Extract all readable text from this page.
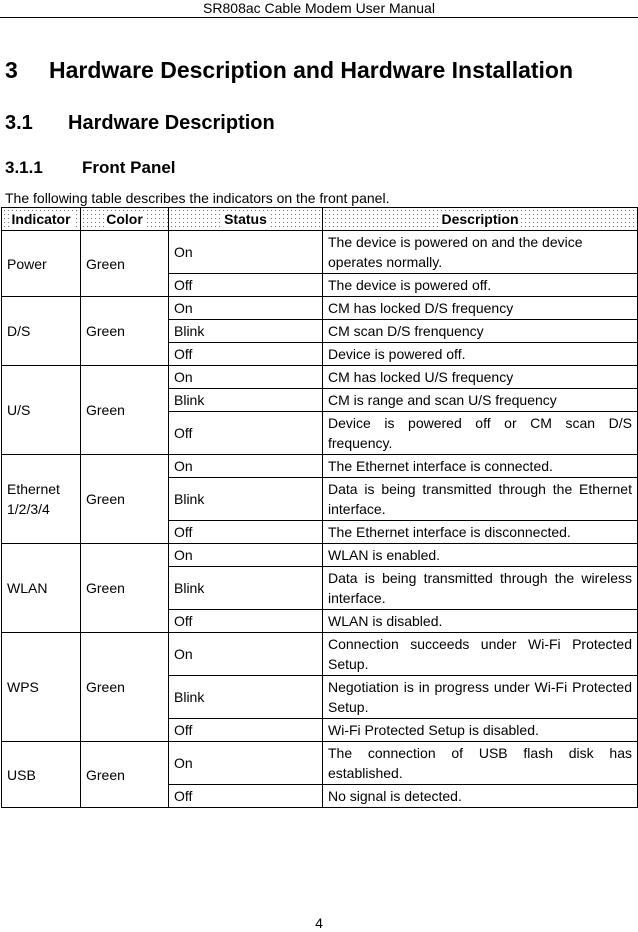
SR808ac Cable Modem User Manual
3 Hardware Description and Hardware Installation
3.1 Hardware Description
3.1.1 Front Panel
The following table describes the indicators on the front panel.
Indicator	Color	Status	Description
Power	Green	On	The device is powered on and the device operates normally.
		Off	The device is powered off.
D/S	Green	On	CM has locked D/S frequency
		Blink	CM scan D/S frenquency
		Off	Device is powered off.
U/S	Green	On	CM has locked U/S frequency
		Blink	CM is range and scan U/S frequency
		Off	Device is powered off or CM scan D/S frequency.
Ethernet 1/2/3/4	Green	On	The Ethernet interface is connected.
		Blink	Data is being transmitted through the Ethernet interface.
		Off	The Ethernet interface is disconnected.
WLAN	Green	On	WLAN is enabled.
		Blink	Data is being transmitted through the wireless interface.
		Off	WLAN is disabled.
WPS	Green	On	Connection succeeds under Wi-Fi Protected Setup.
		Blink	Negotiation is in progress under Wi-Fi Protected Setup.
		Off	Wi-Fi Protected Setup is disabled.
USB	Green	On	The connection of USB flash disk has established.
		Off	No signal is detected.
4
